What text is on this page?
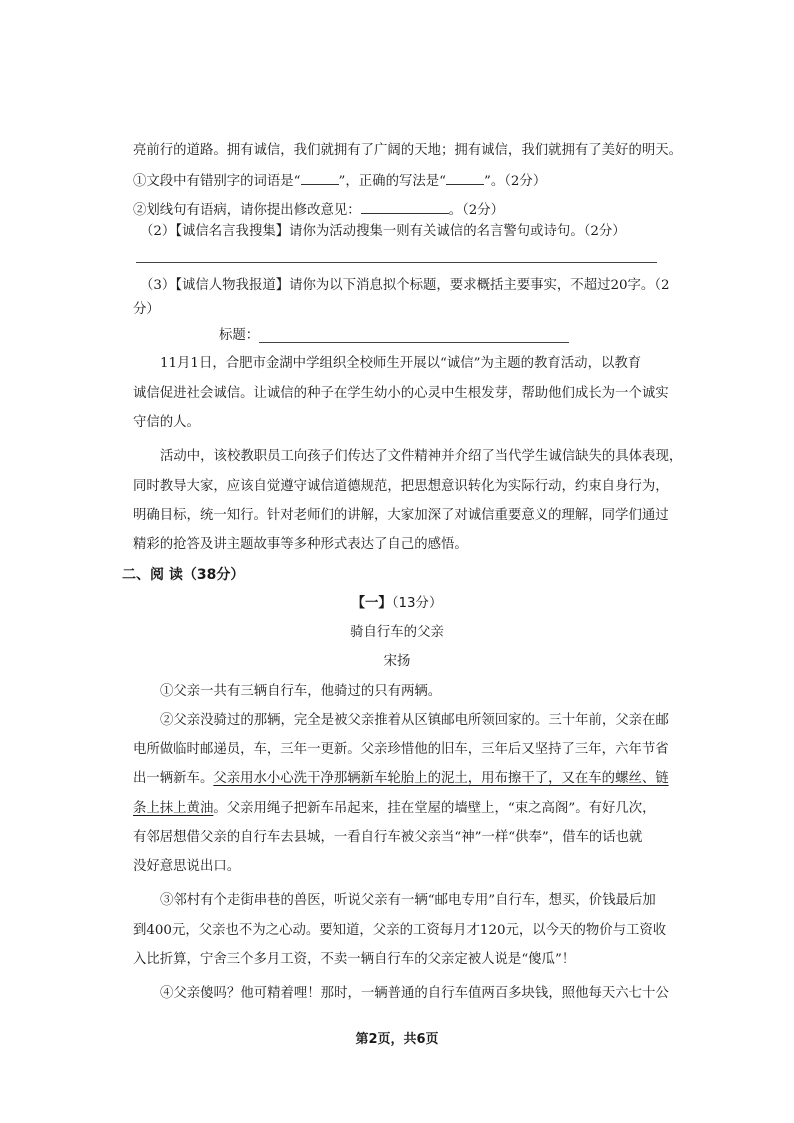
亮前行的道路。拥有诚信，我们就拥有了广阔的天地；拥有诚信，我们就拥有了美好的明天。
①文段中有错别字的词语是“	”，正确的写法是“	”。（2分）
②划线句有语病，请你提出修改意见：	。（2分）
（2）【诚信名言我搜集】请你为活动搜集一则有关诚信的名言警句或诗句。（2分）
（3）【诚信人物我报道】请你为以下消息拟个标题，要求概括主要事实，不超过20字。（2
分）
标题：
11月1日，合肥市金湖中学组织全校师生开展以“诚信”为主题的教育活动，以教育
诚信促进社会诚信。让诚信的种子在学生幼小的心灵中生根发芽，帮助他们成长为一个诚实
守信的人。
活动中，该校教职员工向孩子们传达了文件精神并介绍了当代学生诚信缺失的具体表现，
同时教导大家，应该自觉遵守诚信道德规范，把思想意识转化为实际行动，约束自身行为，
明确目标，统一知行。针对老师们的讲解，大家加深了对诚信重要意义的理解，同学们通过
精彩的抢答及讲主题故事等多种形式表达了自己的感悟。
二、阅 读（38分）
【一】（13分）
骑自行车的父亲
宋扬
①父亲一共有三辆自行车，他骑过的只有两辆。
②父亲没骑过的那辆，完全是被父亲推着从区镇邮电所领回家的。三十年前，父亲在邮
电所做临时邮递员，车，三年一更新。父亲珍惜他的旧车，三年后又坚持了三年，六年节省
出一辆新车。父亲用水小心洗干净那辆新车轮胎上的泥土，用布擦干了，又在车的螺丝、链
条上抹上黄油。父亲用绳子把新车吊起来，挂在堂屋的墙壁上，“束之高阁”。有好几次，
有邻居想借父亲的自行车去县城，一看自行车被父亲当“神”一样“供奉”，借车的话也就
没好意思说出口。
③邻村有个走街串巷的兽医，听说父亲有一辆“邮电专用”自行车，想买，价钱最后加
到400元，父亲也不为之心动。要知道，父亲的工资每月才120元，以今天的物价与工资收
入比折算，宁舍三个多月工资，不卖一辆自行车的父亲定被人说是“傻瓜”！
④父亲傻吗？他可精着哩！那时，一辆普通的自行车值两百多块钱，照他每天六七十公
第2页，共6页
